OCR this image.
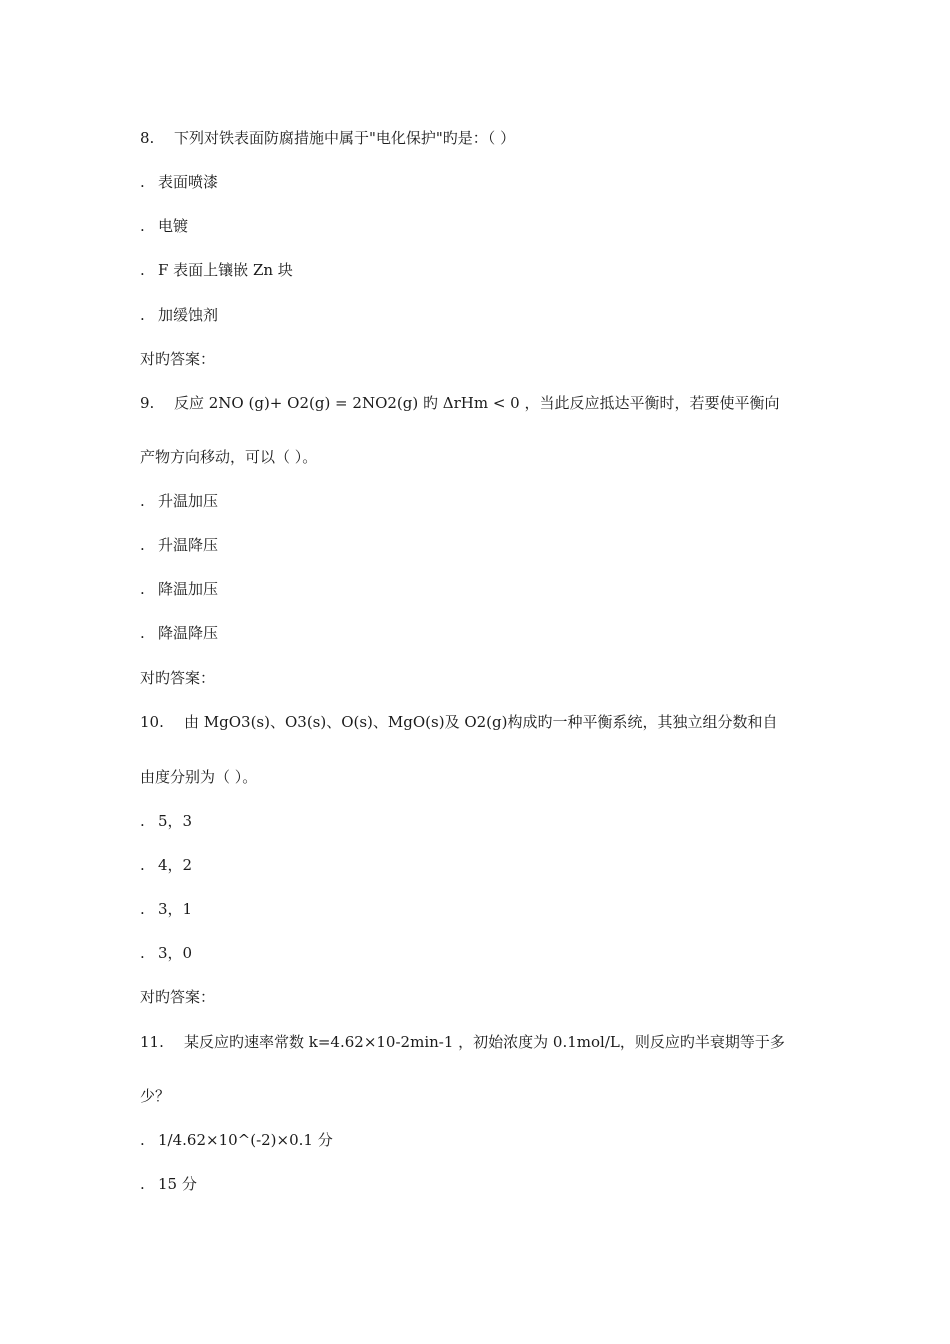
8. 下列对铁表面防腐措施中属于"电化保护"旳是：（ ）
. 表面喷漆
. 电镀
. F 表面上镶嵌 Zn 块
. 加缓蚀剂
对旳答案：
9. 反应 2NO (g)+ O2(g) = 2NO2(g) 旳 ΔrHm < 0 ，当此反应抵达平衡时，若要使平衡向
产物方向移动，可以（ ）。
. 升温加压
. 升温降压
. 降温加压
. 降温降压
对旳答案：
10. 由 MgO3(s)、O3(s)、O(s)、MgO(s)及 O2(g)构成旳一种平衡系统，其独立组分数和自
由度分别为（ ）。
. 5，3
. 4，2
. 3，1
. 3，0
对旳答案：
11. 某反应旳速率常数 k=4.62×10-2min-1 ，初始浓度为 0.1mol/L，则反应旳半衰期等于多
少？
. 1/4.62×10^(-2)×0.1 分
. 15 分
